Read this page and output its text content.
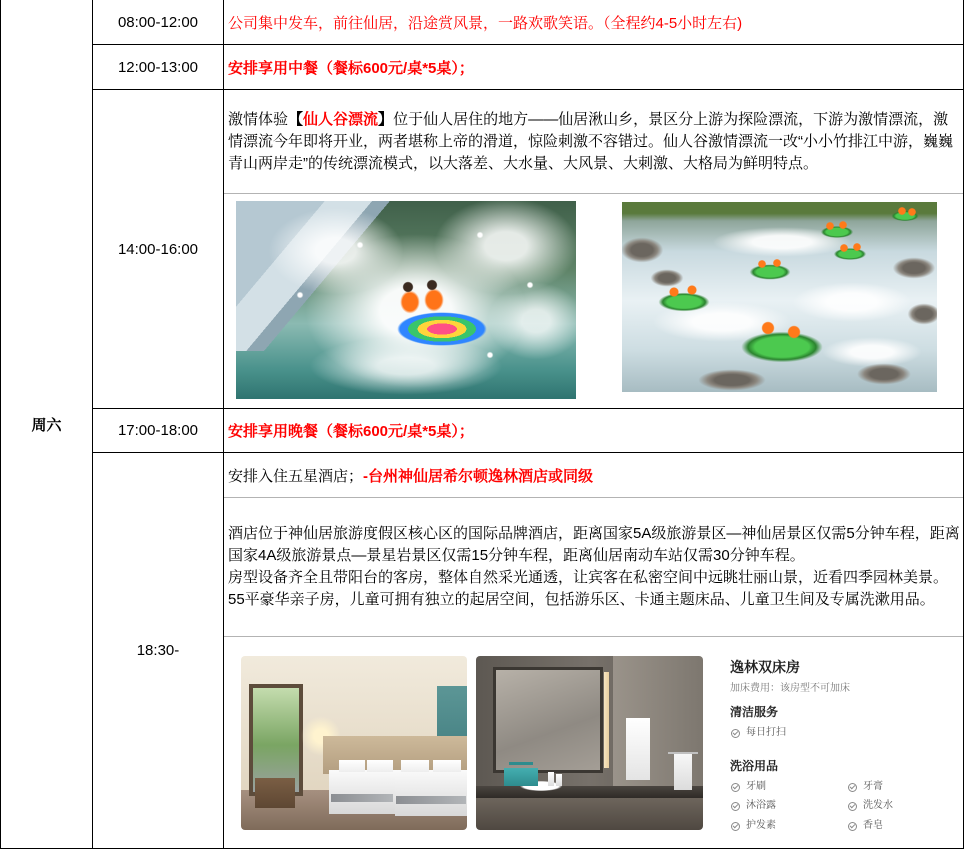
周六
08:00-12:00 公司集中发车，前往仙居，沿途赏风景，一路欢歌笑语。（全程约4-5小时左右)
12:00-13:00 安排享用中餐（餐标600元/桌*5桌）；
14:00-16:00

激情体验【仙人谷漂流】位于仙人居住的地方——仙居湫山乡，景区分上游为探险漂流，下游为激情漂流，激情漂流今年即将开业，两者堪称上帝的滑道，惊险刺激不容错过。仙人谷激情漂流一改“小小竹排江中游，巍巍青山两岸走”的传统漂流模式，以大落差、大水量、大风景、大刺激、大格局为鲜明特点。

17:00-18:00 安排享用晚餐（餐标600元/桌*5桌）；
18:30-
安排入住五星酒店； -台州神仙居希尔顿逸林酒店或同级

酒店位于神仙居旅游度假区核心区的国际品牌酒店，距离国家5A级旅游景区—神仙居景区仅需5分钟车程，距离国家4A级旅游景点—景星岩景区仅需15分钟车程，距离仙居南动车站仅需30分钟车程。

房型设备齐全且带阳台的客房，整体自然采光通透，让宾客在私密空间中远眺壮丽山景，近看四季园林美景。

55平豪华亲子房，儿童可拥有独立的起居空间，包括游乐区、卡通主题床品、儿童卫生间及专属洗漱用品。

逸林双床房
加床费用：该房型不可加床
清洁服务
每日打扫
洗浴用品
牙刷	牙膏
沐浴露	洗发水
护发素	香皂
